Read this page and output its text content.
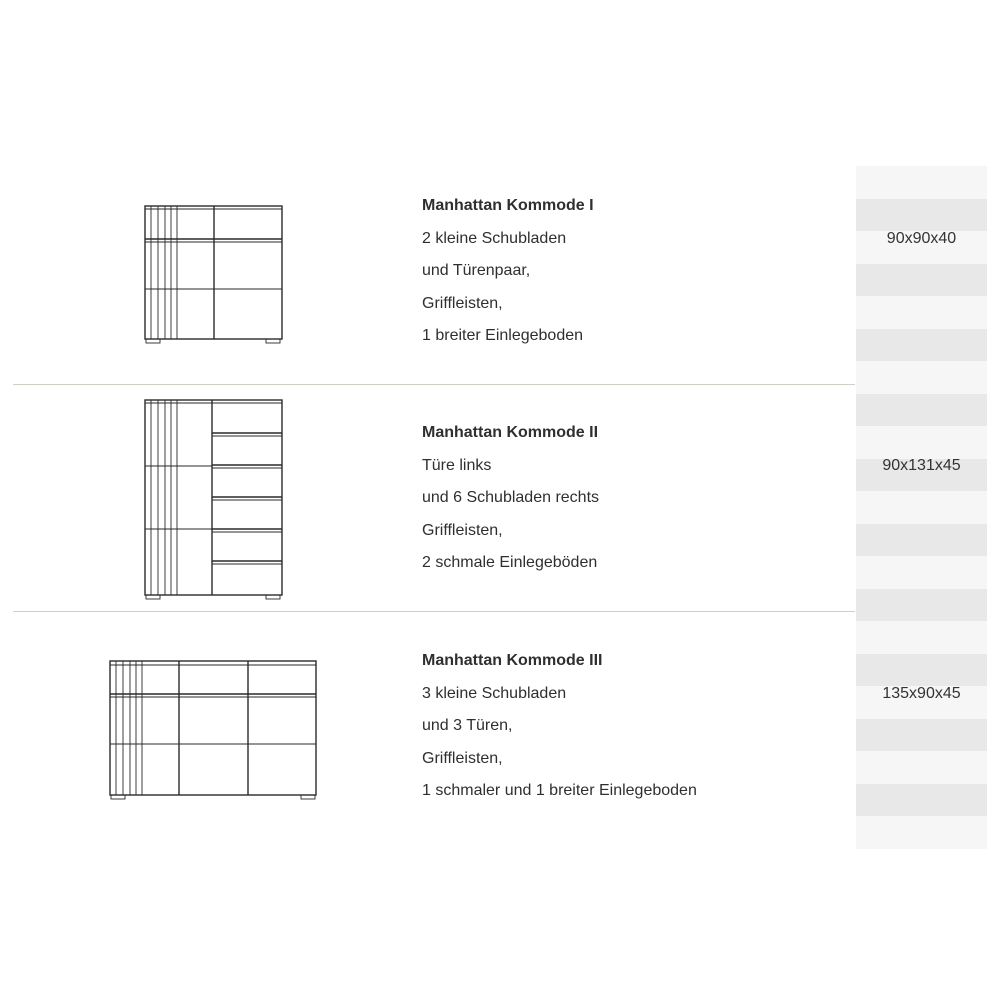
Manhattan Kommode I
2 kleine Schubladen
und Türenpaar,
Griffleisten,
1 breiter Einlegeboden
90x90x40
Manhattan Kommode II
Türe links
und 6 Schubladen rechts
Griffleisten,
2 schmale Einlegeböden
90x131x45
Manhattan Kommode III
3 kleine Schubladen
und 3 Türen,
Griffleisten,
1 schmaler und 1 breiter Einlegeboden
135x90x45
